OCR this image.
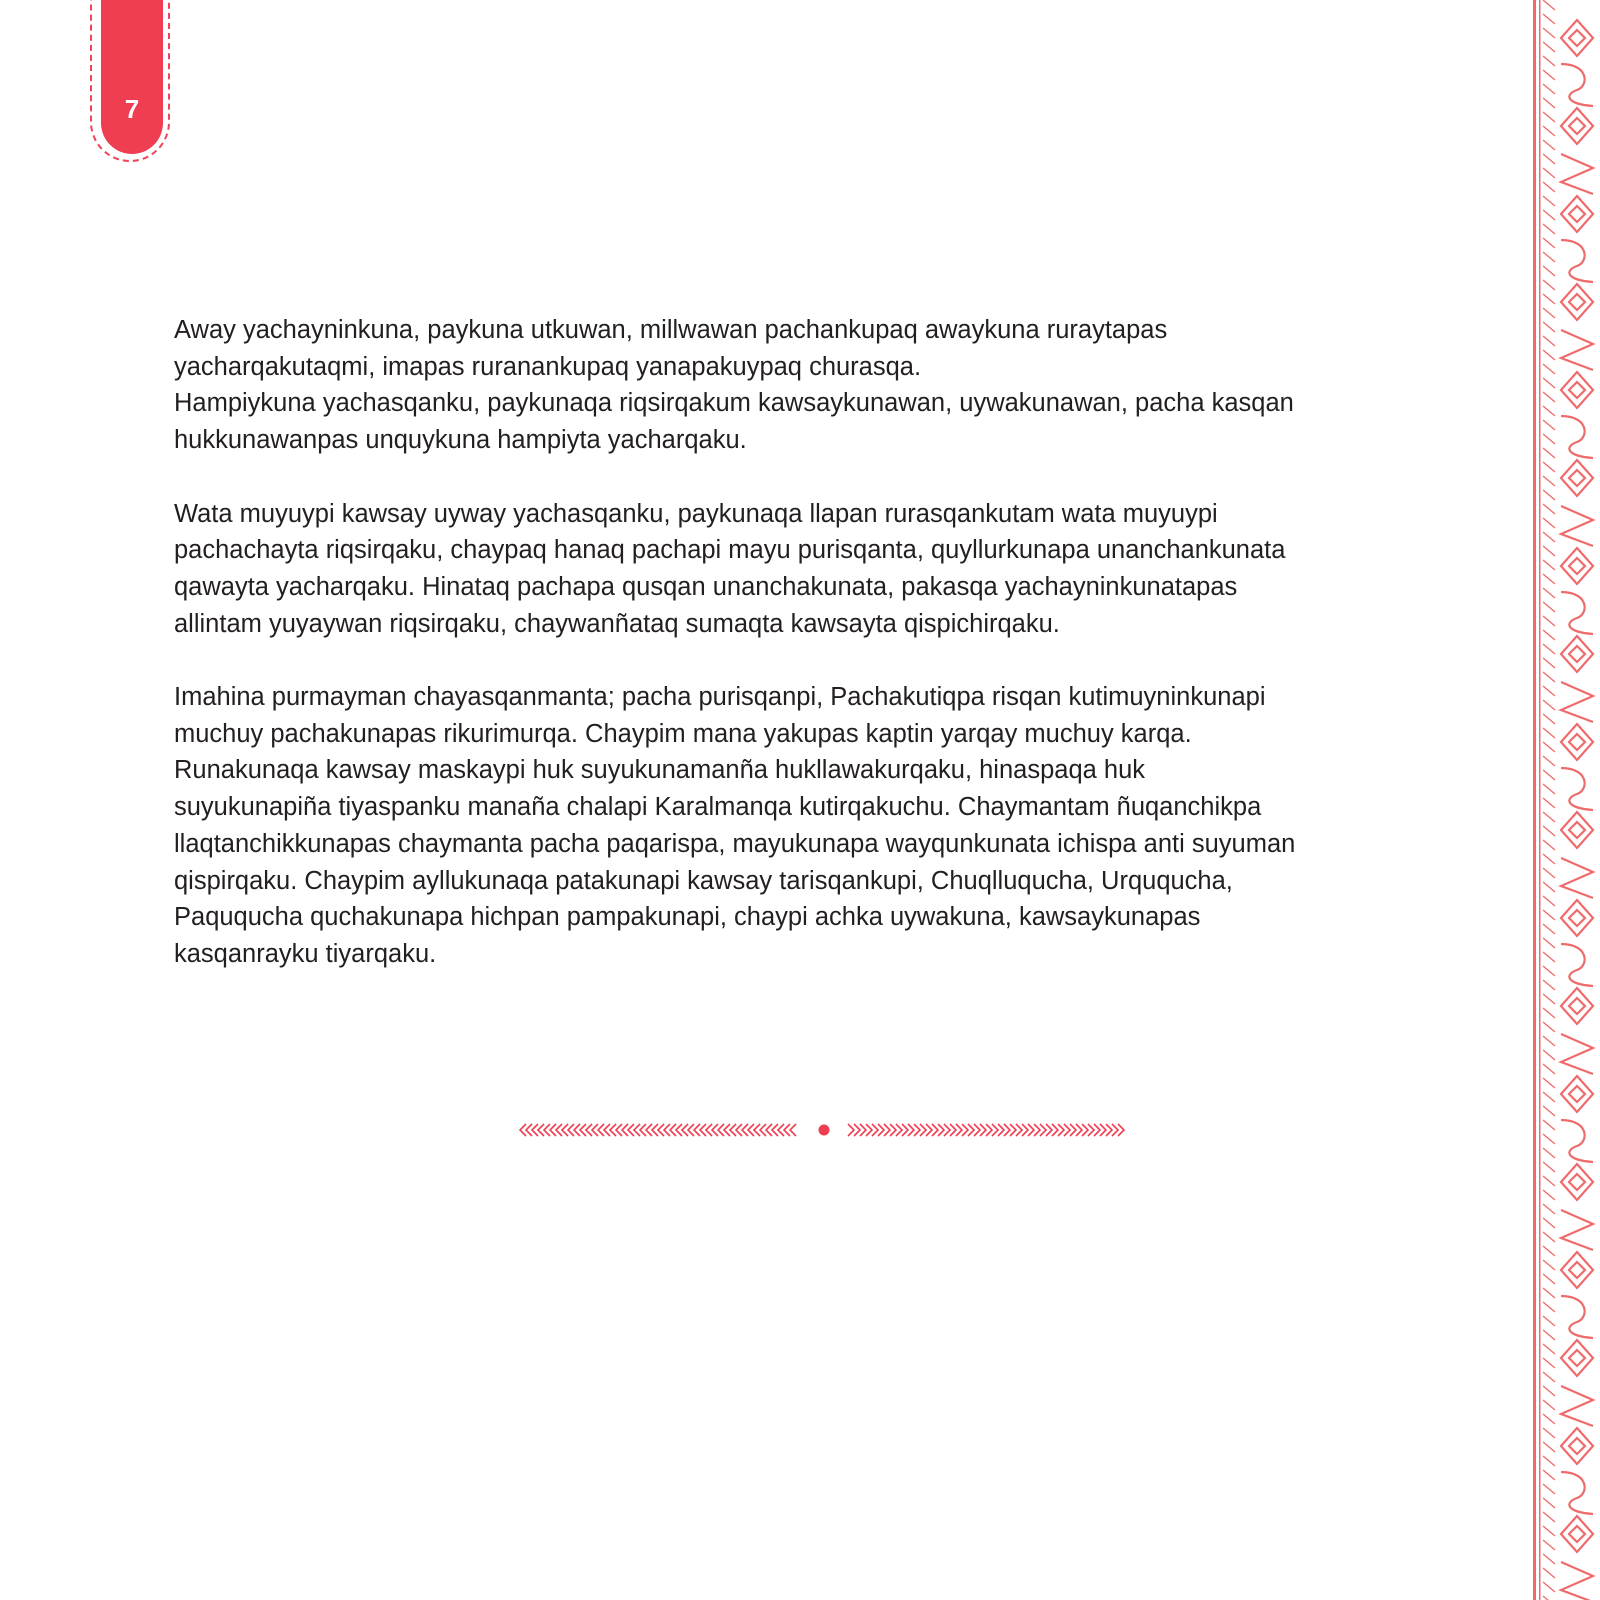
7

Away yachayninkuna, paykuna utkuwan, millwawan pachankupaq awaykuna ruraytapas
yacharqakutaqmi, imapas ruranankupaq yanapakuypaq churasqa.
Hampiykuna yachasqanku, paykunaqa riqsirqakum kawsaykunawan, uywakunawan, pacha kasqan
hukkunawanpas unquykuna hampiyta yacharqaku.

Wata muyuypi kawsay uyway yachasqanku, paykunaqa llapan rurasqankutam wata muyuypi
pachachayta riqsirqaku, chaypaq hanaq pachapi mayu purisqanta, quyllurkunapa unanchankunata
qawayta yacharqaku. Hinataq pachapa qusqan unanchakunata, pakasqa yachayninkunatapas
allintam yuyaywan riqsirqaku, chaywanñataq sumaqta kawsayta qispichirqaku.

Imahina purmayman chayasqanmanta; pacha purisqanpi, Pachakutiqpa risqan kutimuyninkunapi
muchuy pachakunapas rikurimurqa. Chaypim mana yakupas kaptin yarqay muchuy karqa.
Runakunaqa kawsay maskaypi huk suyukunamanña hukllawakurqaku, hinaspaqa huk
suyukunapiña tiyaspanku manaña chalapi Karalmanqa kutirqakuchu. Chaymantam ñuqanchikpa
llaqtanchikkunapas chaymanta pacha paqarispa, mayukunapa wayqunkunata ichispa anti suyuman
qispirqaku. Chaypim ayllukunaqa patakunapi kawsay tarisqankupi, Chuqlluqucha, Urququcha,
Paququcha quchakunapa hichpan pampakunapi, chaypi achka uywakuna, kawsaykunapas
kasqanrayku tiyarqaku.
